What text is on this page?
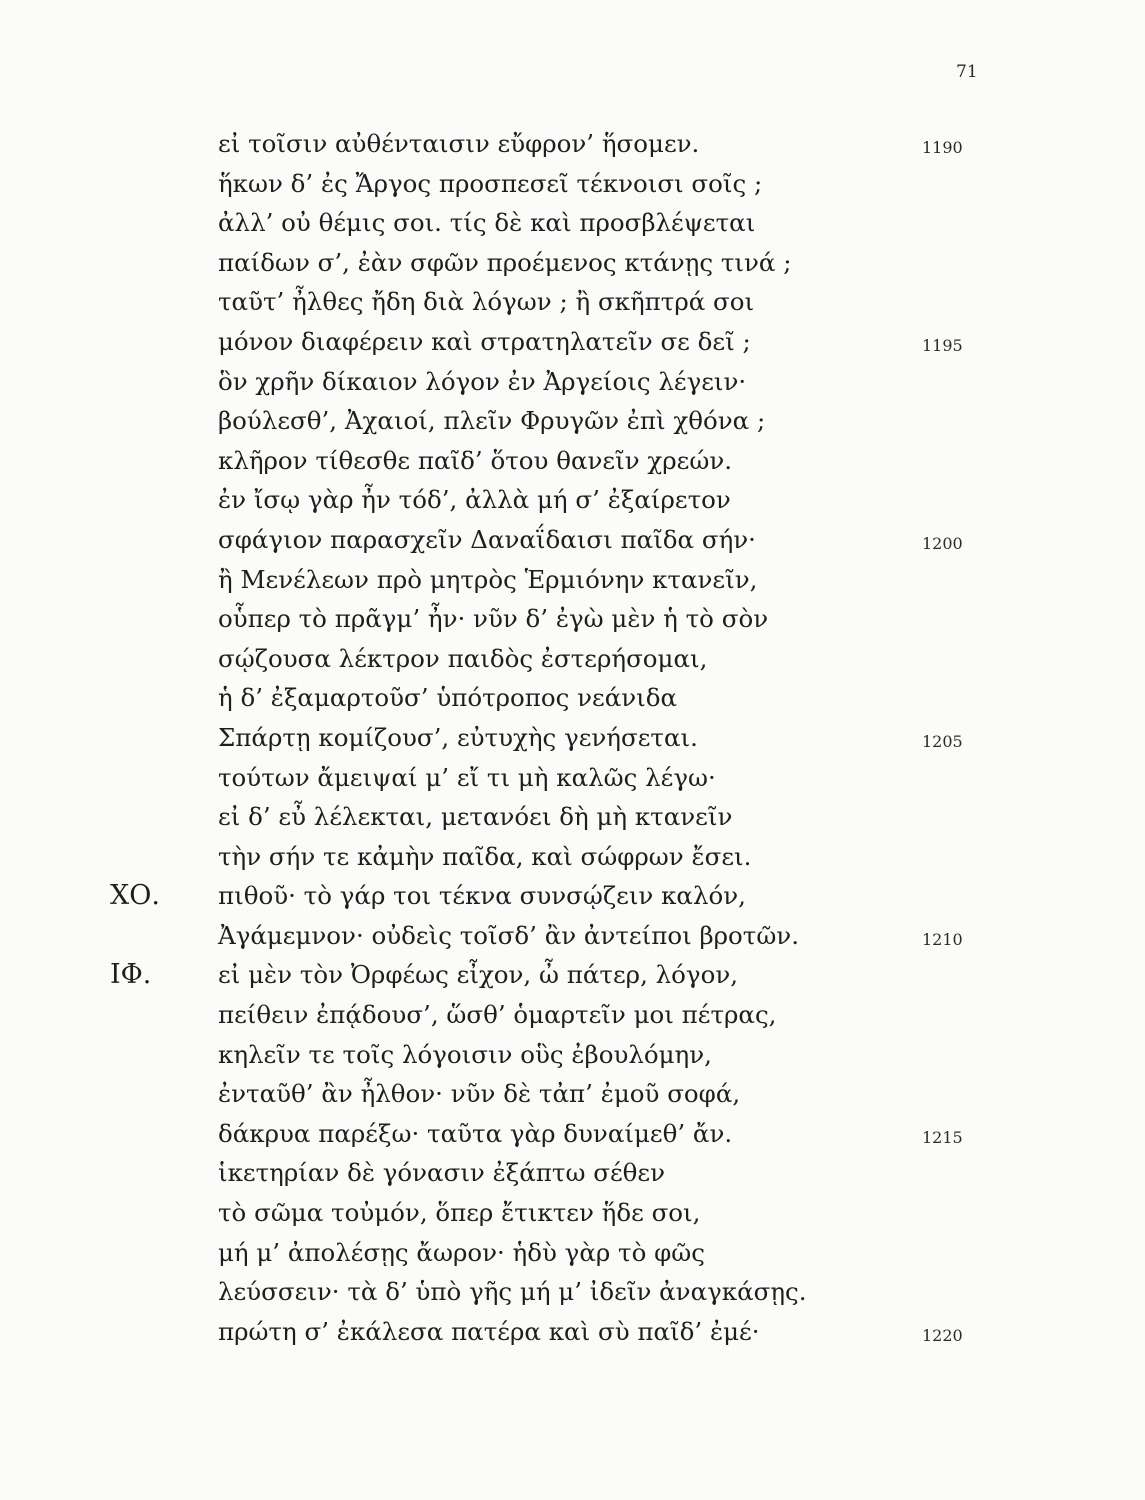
71
εἰ τοῖσιν αὐθένταισιν εὔφρον’ ἥσομεν.	1190
ἥκων δ’ ἐς Ἄργος προσπεσεῖ τέκνοισι σοῖς ;
ἀλλ’ οὐ θέμις σοι. τίς δὲ καὶ προσβλέψεται
παίδων σ’, ἐὰν σφῶν προέμενος κτάνῃς τινά ;
ταῦτ’ ἦλθες ἤδη διὰ λόγων ; ἢ σκῆπτρά σοι
μόνον διαφέρειν καὶ στρατηλατεῖν σε δεῖ ;	1195
ὃν χρῆν δίκαιον λόγον ἐν Ἀργείοις λέγειν·
βούλεσθ’, Ἀχαιοί, πλεῖν Φρυγῶν ἐπὶ χθόνα ;
κλῆρον τίθεσθε παῖδ’ ὅτου θανεῖν χρεών.
ἐν ἴσῳ γὰρ ἦν τόδ’, ἀλλὰ μή σ’ ἐξαίρετον
σφάγιον παρασχεῖν Δαναΐδαισι παῖδα σήν·	1200
ἢ Μενέλεων πρὸ μητρὸς Ἑρμιόνην κτανεῖν,
οὗπερ τὸ πρᾶγμ’ ἦν· νῦν δ’ ἐγὼ μὲν ἡ τὸ σὸν
σῴζουσα λέκτρον παιδὸς ἐστερήσομαι,
ἡ δ’ ἐξαμαρτοῦσ’ ὑπότροπος νεάνιδα
Σπάρτῃ κομίζουσ’, εὐτυχὴς γενήσεται.	1205
τούτων ἄμειψαί μ’ εἴ τι μὴ καλῶς λέγω·
εἰ δ’ εὖ λέλεκται, μετανόει δὴ μὴ κτανεῖν
τὴν σήν τε κἀμὴν παῖδα, καὶ σώφρων ἔσει.
ΧΟ. πιθοῦ· τὸ γάρ τοι τέκνα συνσῴζειν καλόν,
Ἀγάμεμνον· οὐδεὶς τοῖσδ’ ἂν ἀντείποι βροτῶν.	1210
ΙΦ.	εἰ μὲν τὸν Ὀρφέως εἶχον, ὦ πάτερ, λόγον,
πείθειν ἐπᾴδουσ’, ὥσθ’ ὁμαρτεῖν μοι πέτρας,
κηλεῖν τε τοῖς λόγοισιν οὓς ἐβουλόμην,
ἐνταῦθ’ ἂν ἦλθον· νῦν δὲ τἀπ’ ἐμοῦ σοφά,
δάκρυα παρέξω· ταῦτα γὰρ δυναίμεθ’ ἄν.	1215
ἱκετηρίαν δὲ γόνασιν ἐξάπτω σέθεν
τὸ σῶμα τοὐμόν, ὅπερ ἔτικτεν ἥδε σοι,
μή μ’ ἀπολέσῃς ἄωρον· ἡδὺ γὰρ τὸ φῶς
λεύσσειν· τὰ δ’ ὑπὸ γῆς μή μ’ ἰδεῖν ἀναγκάσῃς.
πρώτη σ’ ἐκάλεσα πατέρα καὶ σὺ παῖδ’ ἐμέ·	1220
